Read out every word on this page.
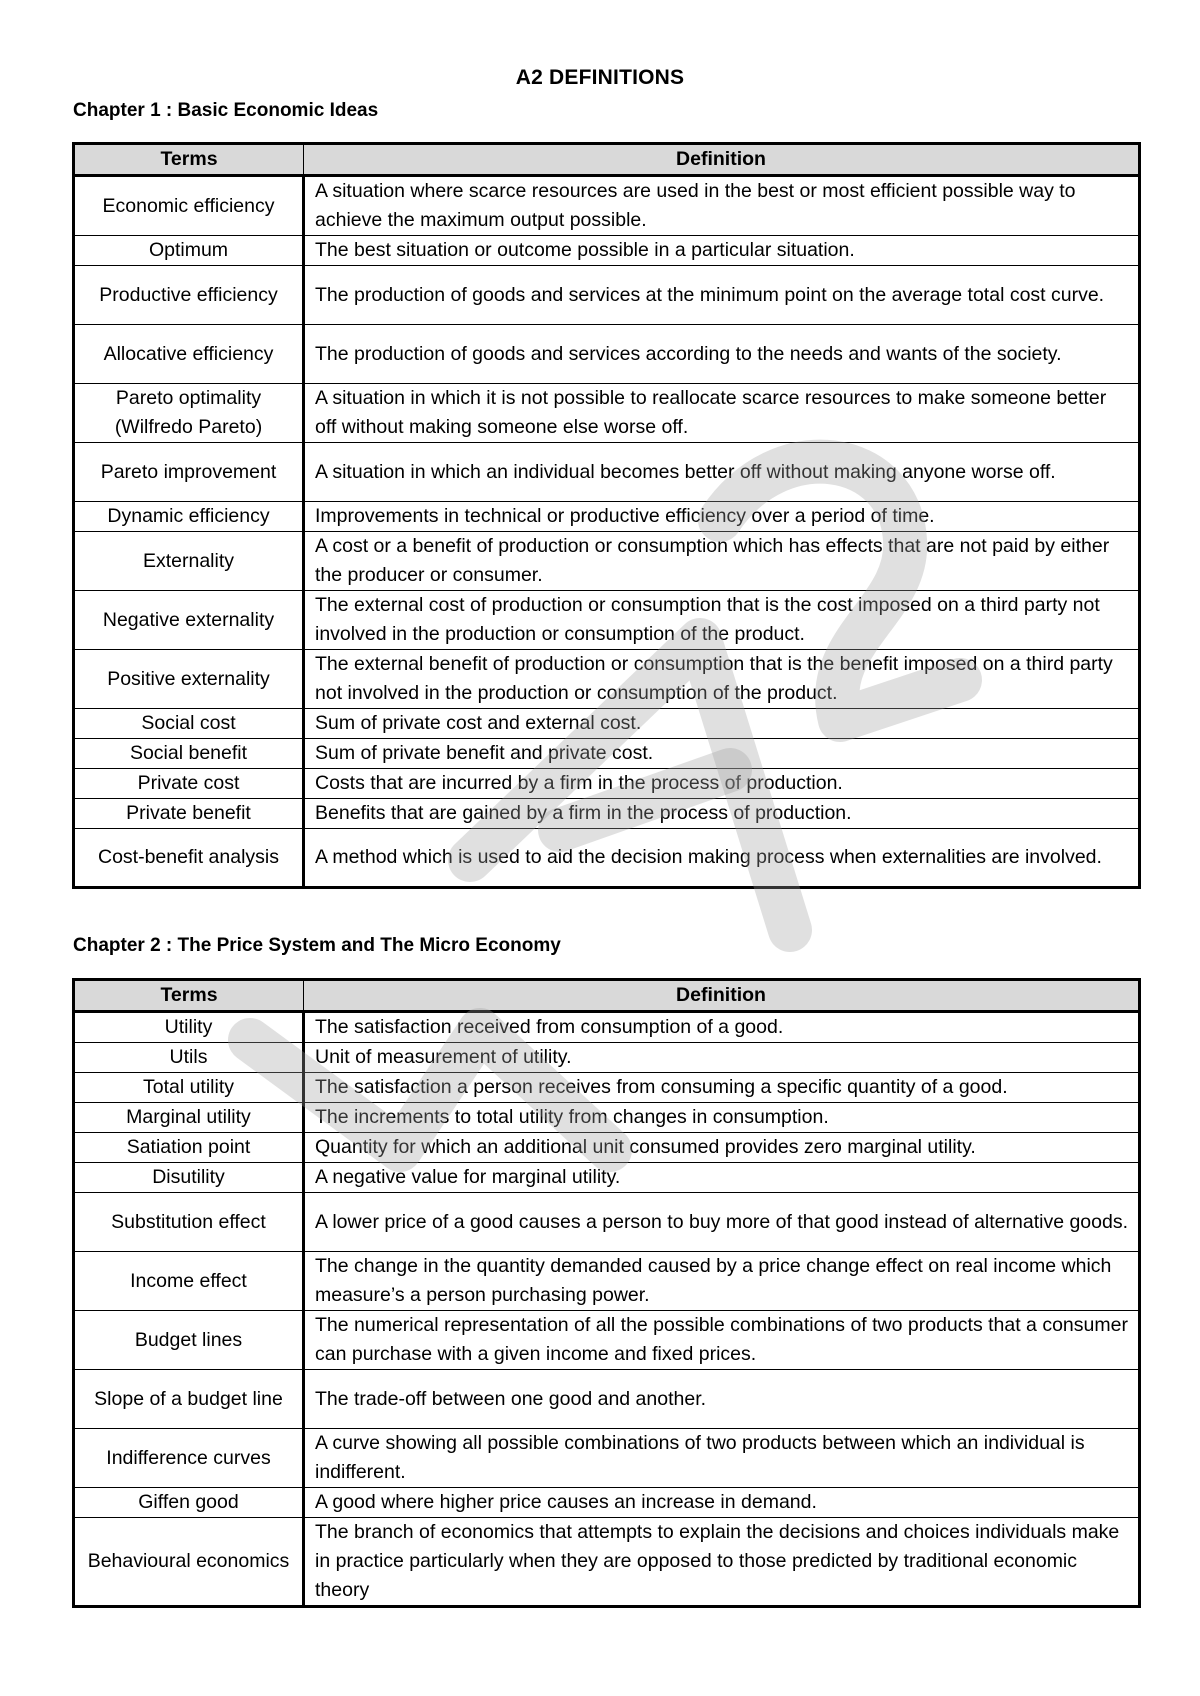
A2 DEFINITIONS
Chapter 1 : Basic Economic Ideas
Terms	Definition
Economic efficiency	A situation where scarce resources are used in the best or most efficient possible way to achieve the maximum output possible.
Optimum	The best situation or outcome possible in a particular situation.
Productive efficiency	The production of goods and services at the minimum point on the average total cost curve.
Allocative efficiency	The production of goods and services according to the needs and wants of the society.
Pareto optimality (Wilfredo Pareto)	A situation in which it is not possible to reallocate scarce resources to make someone better off without making someone else worse off.
Pareto improvement	A situation in which an individual becomes better off without making anyone worse off.
Dynamic efficiency	Improvements in technical or productive efficiency over a period of time.
Externality	A cost or a benefit of production or consumption which has effects that are not paid by either the producer or consumer.
Negative externality	The external cost of production or consumption that is the cost imposed on a third party not involved in the production or consumption of the product.
Positive externality	The external benefit of production or consumption that is the benefit imposed on a third party not involved in the production or consumption of the product.
Social cost	Sum of private cost and external cost.
Social benefit	Sum of private benefit and private cost.
Private cost	Costs that are incurred by a firm in the process of production.
Private benefit	Benefits that are gained by a firm in the process of production.
Cost-benefit analysis	A method which is used to aid the decision making process when externalities are involved.
Chapter 2 : The Price System and The Micro Economy
Terms	Definition
Utility	The satisfaction received from consumption of a good.
Utils	Unit of measurement of utility.
Total utility	The satisfaction a person receives from consuming a specific quantity of a good.
Marginal utility	The increments to total utility from changes in consumption.
Satiation point	Quantity for which an additional unit consumed provides zero marginal utility.
Disutility	A negative value for marginal utility.
Substitution effect	A lower price of a good causes a person to buy more of that good instead of alternative goods.
Income effect	The change in the quantity demanded caused by a price change effect on real income which measure’s a person purchasing power.
Budget lines	The numerical representation of all the possible combinations of two products that a consumer can purchase with a given income and fixed prices.
Slope of a budget line	The trade-off between one good and another.
Indifference curves	A curve showing all possible combinations of two products between which an individual is indifferent.
Giffen good	A good where higher price causes an increase in demand.
Behavioural economics	The branch of economics that attempts to explain the decisions and choices individuals make in practice particularly when they are opposed to those predicted by traditional economic theory
